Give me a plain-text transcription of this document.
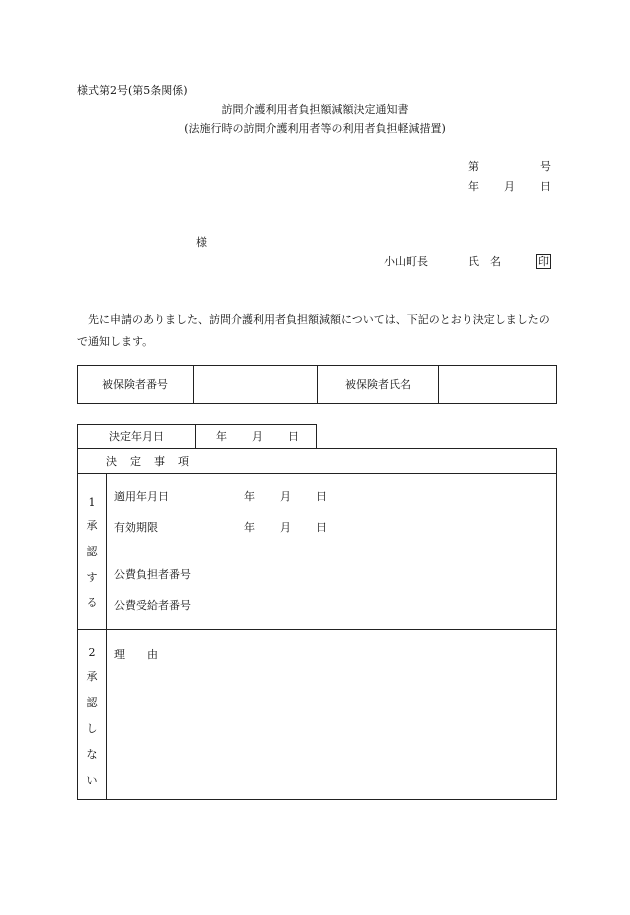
様式第2号(第5条関係)
訪問介護利用者負担額減額決定通知書
(法施行時の訪問介護利用者等の利用者負担軽減措置)
第	号
年 月 日
様
小山町長	氏　名	印
先に申請のありました、訪問介護利用者負担額減額については、下記のとおり決定しましたので通知します。
被保険者番号	被保険者氏名
決定年月日	年 月 日
決　定　事　項
1
承
認
す
る
適用年月日	年 月 日
有効期限	年 月 日
公費負担者番号
公費受給者番号
2
承
認
し
な
い
理　　由
